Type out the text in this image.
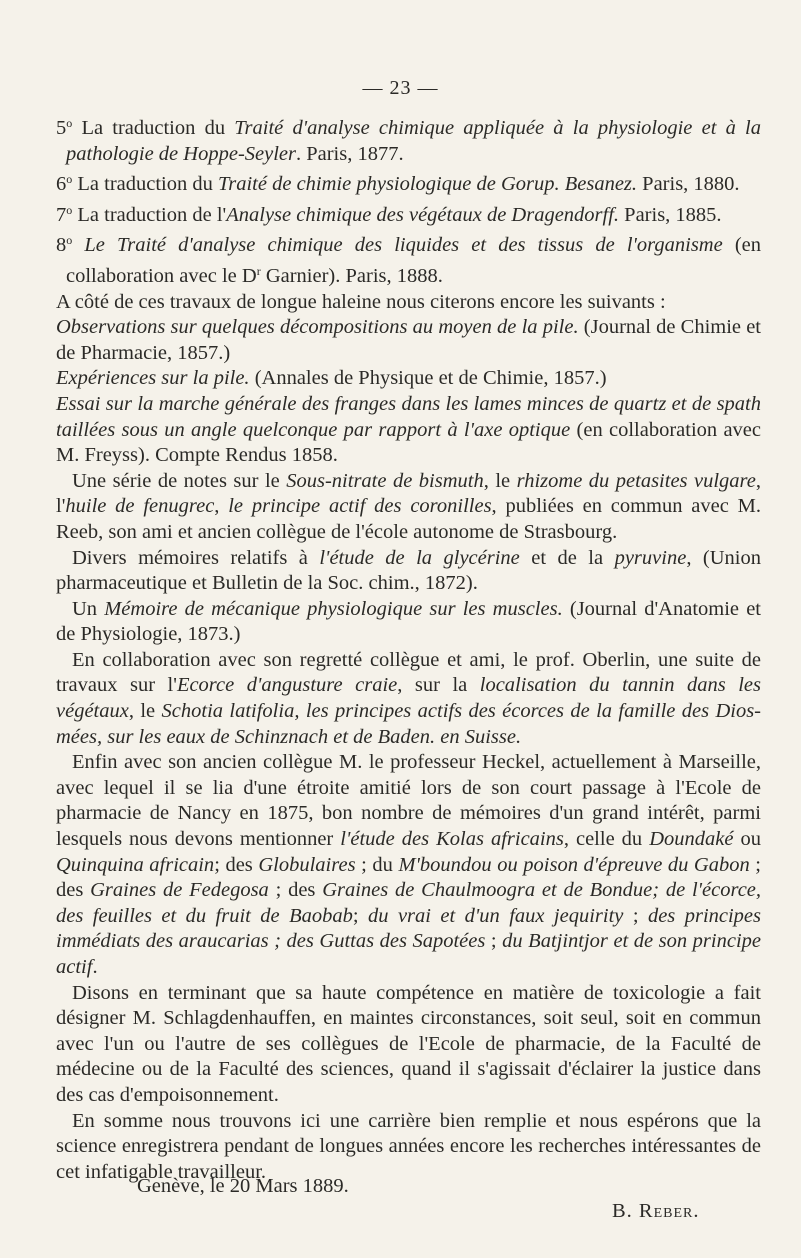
— 23 —

5$^o$ La traduction du Traité d'analyse chimique appliquée à la physiologie et à la pathologie de Hoppe-Seyler. Paris, 1877.

6$^o$ La traduction du Traité de chimie physiologique de Gorup. Besanez. Paris, 1880.

7$^o$ La traduction de l'Analyse chimique des végétaux de Dragendorff. Paris, 1885.

8$^o$ Le Traité d'analyse chimique des liquides et des tissus de l'organisme (en collaboration avec le $D^r$ Garnier). Paris, 1888.

A côté de ces travaux de longue haleine nous citerons encore les suivants :

Observations sur quelques décompositions au moyen de la pile. (Journal de Chimie et de Pharmacie, 1857.)

Expériences sur la pile. (Annales de Physique et de Chimie, 1857.)

Essai sur la marche générale des franges dans les lames minces de quartz et de spath taillées sous un angle quelconque par rapport à l'axe optique (en collaboration avec M. Freyss). Compte Rendus 1858.

Une série de notes sur le Sous-nitrate de bismuth, le rhizome du petasites vulgare, l'huile de fenugrec, le principe actif des coronilles, publiées en commun avec M. Reeb, son ami et ancien collègue de l'école autonome de Strasbourg.

Divers mémoires relatifs à l'étude de la glycérine et de la pyruvine, (Union pharmaceutique et Bulletin de la Soc. chim., 1872).

Un Mémoire de mécanique physiologique sur les muscles. (Journal d'Anatomie et de Physiologie, 1873.)

En collaboration avec son regretté collègue et ami, le prof. Oberlin, une suite de travaux sur l'Ecorce d'angusture craie, sur la localisation du tannin dans les végétaux, le Schotia latifolia, les principes actifs des écorces de la famille des Dios-mées, sur les eaux de Schinznach et de Baden. en Suisse.

Enfin avec son ancien collègue M. le professeur Heckel, actuellement à Marseille, avec lequel il se lia d'une étroite amitié lors de son court passage à l'Ecole de pharmacie de Nancy en 1875, bon nombre de mémoires d'un grand intérêt, parmi lesquels nous devons mentionner l'étude des Kolas africains, celle du Doundaké ou Quinquina africain; des Globulaires ; du M'boundou ou poison d'épreuve du Gabon ; des Graines de Fedegosa ; des Graines de Chaulmoogra et de Bondue; de l'écorce, des feuilles et du fruit de Baobab; du vrai et d'un faux jequirity ; des principes immédiats des araucarias ; des Guttas des Sapotées ; du Batjintjor et de son principe actif.

Disons en terminant que sa haute compétence en matière de toxicologie a fait désigner M. Schlagdenhauffen, en maintes circonstances, soit seul, soit en commun avec l'un ou l'autre de ses collègues de l'Ecole de pharmacie, de la Faculté de médecine ou de la Faculté des sciences, quand il s'agissait d'éclairer la justice dans des cas d'empoisonnement.

En somme nous trouvons ici une carrière bien remplie et nous espérons que la science enregistrera pendant de longues années encore les recherches intéressantes de cet infatigable travailleur.

Genève, le 20 Mars 1889.
B. Reber.
